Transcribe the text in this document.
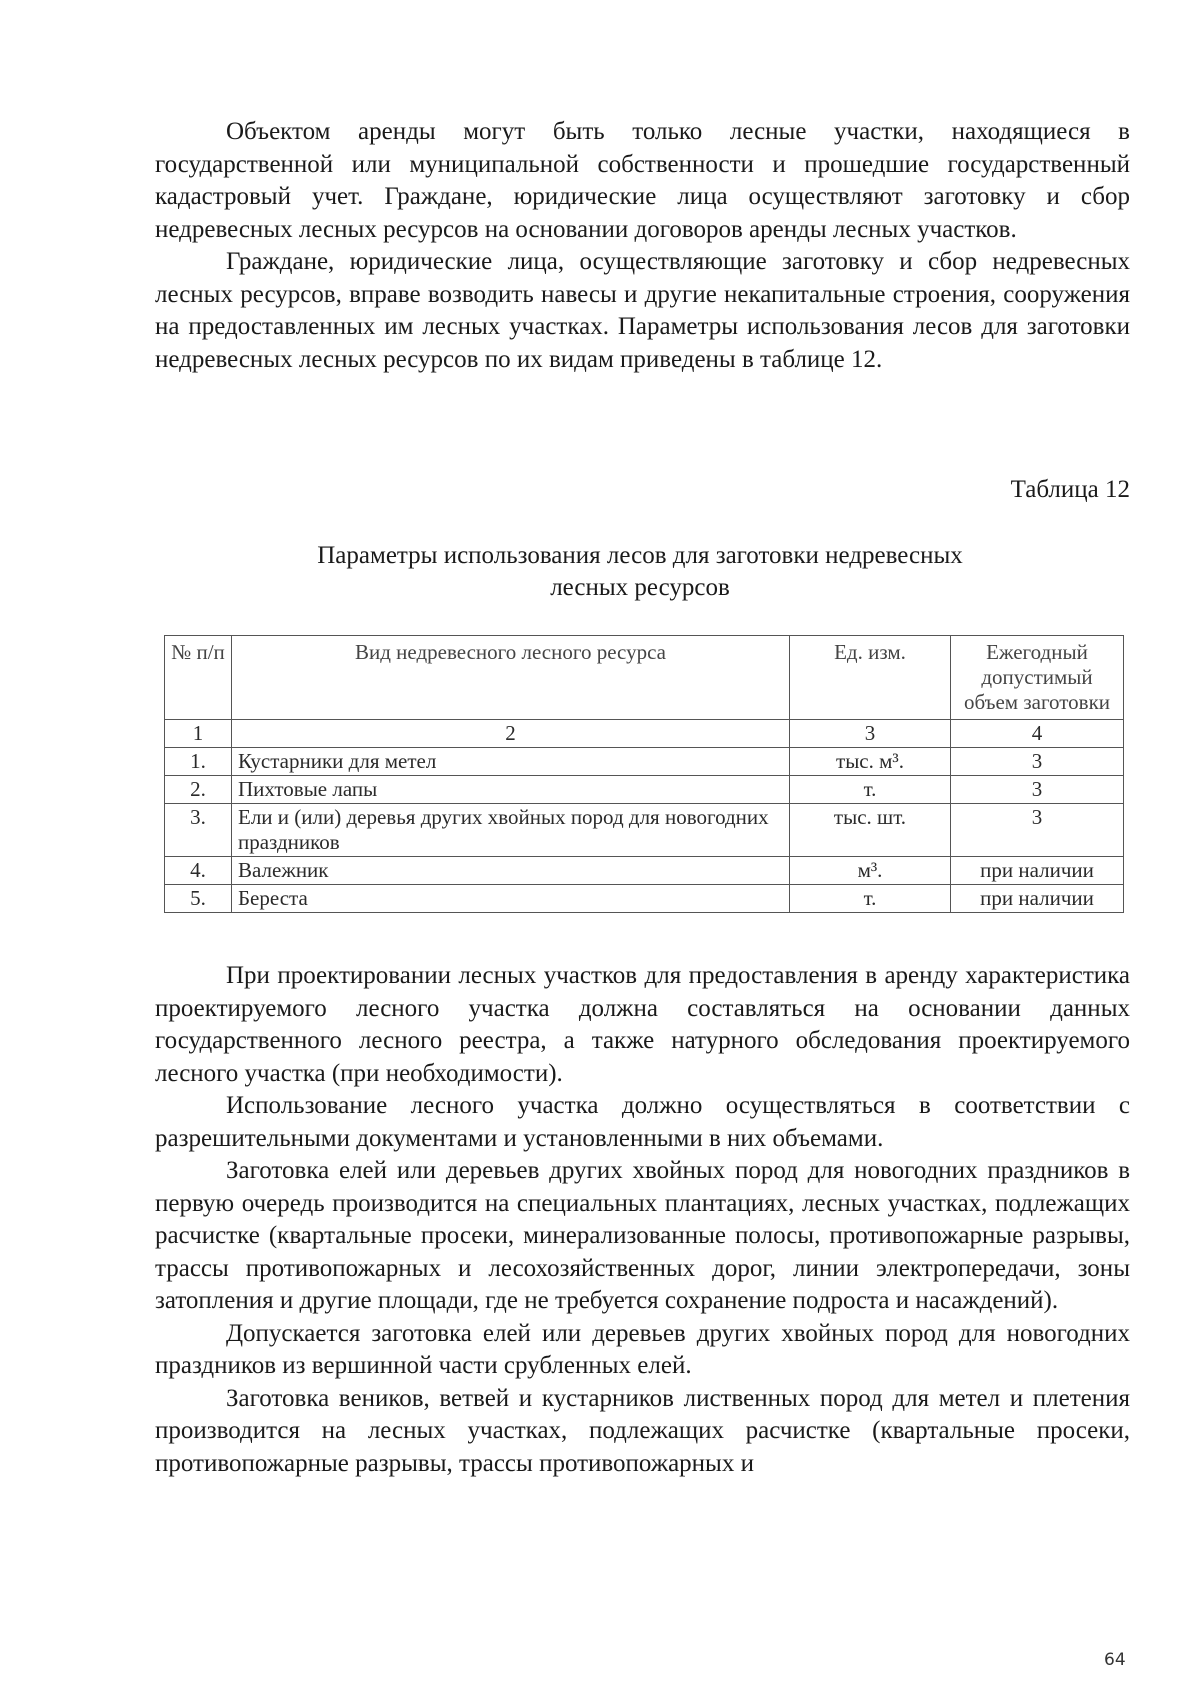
Объектом аренды могут быть только лесные участки, находящиеся в государственной или муниципальной собственности и прошедшие государственный кадастровый учет. Граждане, юридические лица осуществляют заготовку и сбор недревесных лесных ресурсов на основании договоров аренды лесных участков.

Граждане, юридические лица, осуществляющие заготовку и сбор недревесных лесных ресурсов, вправе возводить навесы и другие некапитальные строения, сооружения на предоставленных им лесных участках. Параметры использования лесов для заготовки недревесных лесных ресурсов по их видам приведены в таблице 12.

Таблица 12
Параметры использования лесов для заготовки недревесных
лесных ресурсов
№ п/п	Вид недревесного лесного ресурса	Ед. изм.	Ежегодный допустимый объем заготовки
1	2	3	4
1.	Кустарники для метел	тыс. м³.	3
2.	Пихтовые лапы	т.	3
3.	Ели и (или) деревья других хвойных пород для новогодних праздников	тыс. шт.	3
4.	Валежник	м³.	при наличии
5.	Береста	т.	при наличии

При проектировании лесных участков для предоставления в аренду характеристика проектируемого лесного участка должна составляться на основании данных государственного лесного реестра, а также натурного обследования проектируемого лесного участка (при необходимости).

Использование лесного участка должно осуществляться в соответствии с разрешительными документами и установленными в них объемами.

Заготовка елей или деревьев других хвойных пород для новогодних праздников в первую очередь производится на специальных плантациях, лесных участках, подлежащих расчистке (квартальные просеки, минерализованные полосы, противопожарные разрывы, трассы противопожарных и лесохозяйственных дорог, линии электропередачи, зоны затопления и другие площади, где не требуется сохранение подроста и насаждений).

Допускается заготовка елей или деревьев других хвойных пород для новогодних праздников из вершинной части срубленных елей.

Заготовка веников, ветвей и кустарников лиственных пород для метел и плетения производится на лесных участках, подлежащих расчистке (квартальные просеки, противопожарные разрывы, трассы противопожарных и

64
